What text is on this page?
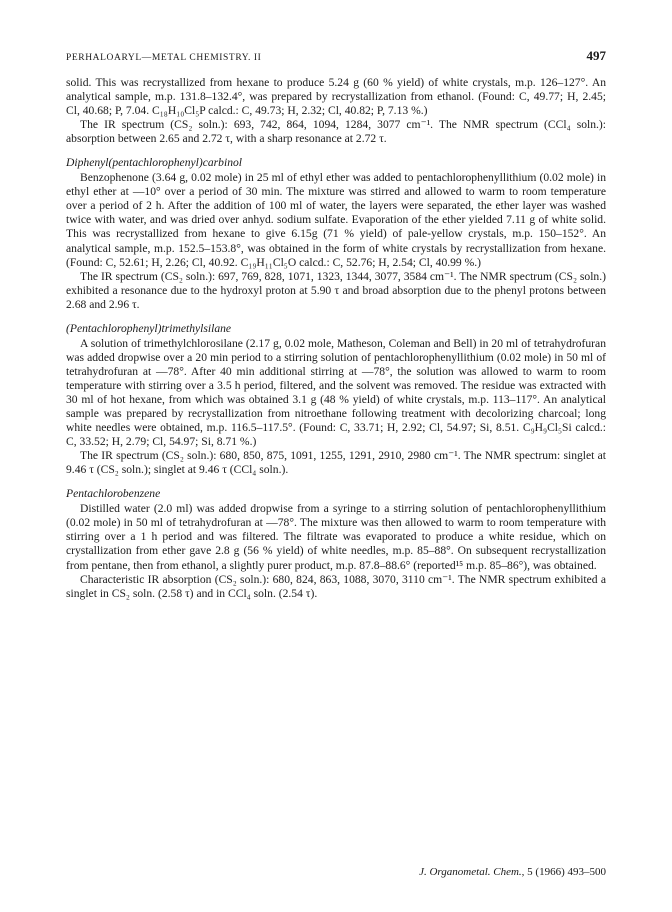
PERHALOARYL—METAL CHEMISTRY. II	497

solid. This was recrystallized from hexane to produce 5.24 g (60 % yield) of white crystals, m.p. 126–127°. An analytical sample, m.p. 131.8–132.4°, was prepared by recrystallization from ethanol. (Found: C, 49.77; H, 2.45; Cl, 40.68; P, 7.04. C₁₈H₁₀Cl₅P calcd.: C, 49.73; H, 2.32; Cl, 40.82; P, 7.13 %.)

The IR spectrum (CS₂ soln.): 693, 742, 864, 1094, 1284, 3077 cm⁻¹. The NMR spectrum (CCl₄ soln.): absorption between 2.65 and 2.72 τ, with a sharp resonance at 2.72 τ.

Diphenyl(pentachlorophenyl)carbinol

Benzophenone (3.64 g, 0.02 mole) in 25 ml of ethyl ether was added to pentachlorophenyllithium (0.02 mole) in ethyl ether at —10° over a period of 30 min. The mixture was stirred and allowed to warm to room temperature over a period of 2 h. After the addition of 100 ml of water, the layers were separated, the ether layer was washed twice with water, and was dried over anhyd. sodium sulfate. Evaporation of the ether yielded 7.11 g of white solid. This was recrystallized from hexane to give 6.15g (71 % yield) of pale-yellow crystals, m.p. 150–152°. An analytical sample, m.p. 152.5–153.8°, was obtained in the form of white crystals by recrystallization from hexane. (Found: C, 52.61; H, 2.26; Cl, 40.92. C₁₉H₁₁Cl₅O calcd.: C, 52.76; H, 2.54; Cl, 40.99 %.)

The IR spectrum (CS₂ soln.): 697, 769, 828, 1071, 1323, 1344, 3077, 3584 cm⁻¹. The NMR spectrum (CS₂ soln.) exhibited a resonance due to the hydroxyl proton at 5.90 τ and broad absorption due to the phenyl protons between 2.68 and 2.96 τ.

(Pentachlorophenyl)trimethylsilane

A solution of trimethylchlorosilane (2.17 g, 0.02 mole, Matheson, Coleman and Bell) in 20 ml of tetrahydrofuran was added dropwise over a 20 min period to a stirring solution of pentachlorophenyllithium (0.02 mole) in 50 ml of tetrahydrofuran at —78°. After 40 min additional stirring at —78°, the solution was allowed to warm to room temperature with stirring over a 3.5 h period, filtered, and the solvent was removed. The residue was extracted with 30 ml of hot hexane, from which was obtained 3.1 g (48 % yield) of white crystals, m.p. 113–117°. An analytical sample was prepared by recrystallization from nitroethane following treatment with decolorizing charcoal; long white needles were obtained, m.p. 116.5–117.5°. (Found: C, 33.71; H, 2.92; Cl, 54.97; Si, 8.51. C₉H₉Cl₅Si calcd.: C, 33.52; H, 2.79; Cl, 54.97; Si, 8.71 %.)

The IR spectrum (CS₂ soln.): 680, 850, 875, 1091, 1255, 1291, 2910, 2980 cm⁻¹. The NMR spectrum: singlet at 9.46 τ (CS₂ soln.); singlet at 9.46 τ (CCl₄ soln.).

Pentachlorobenzene

Distilled water (2.0 ml) was added dropwise from a syringe to a stirring solution of pentachlorophenyllithium (0.02 mole) in 50 ml of tetrahydrofuran at —78°. The mixture was then allowed to warm to room temperature with stirring over a 1 h period and was filtered. The filtrate was evaporated to produce a white residue, which on crystallization from ether gave 2.8 g (56 % yield) of white needles, m.p. 85–88°. On subsequent recrystallization from pentane, then from ethanol, a slightly purer product, m.p. 87.8–88.6° (reported¹⁵ m.p. 85–86°), was obtained.

Characteristic IR absorption (CS₂ soln.): 680, 824, 863, 1088, 3070, 3110 cm⁻¹. The NMR spectrum exhibited a singlet in CS₂ soln. (2.58 τ) and in CCl₄ soln. (2.54 τ).

J. Organometal. Chem., 5 (1966) 493–500
